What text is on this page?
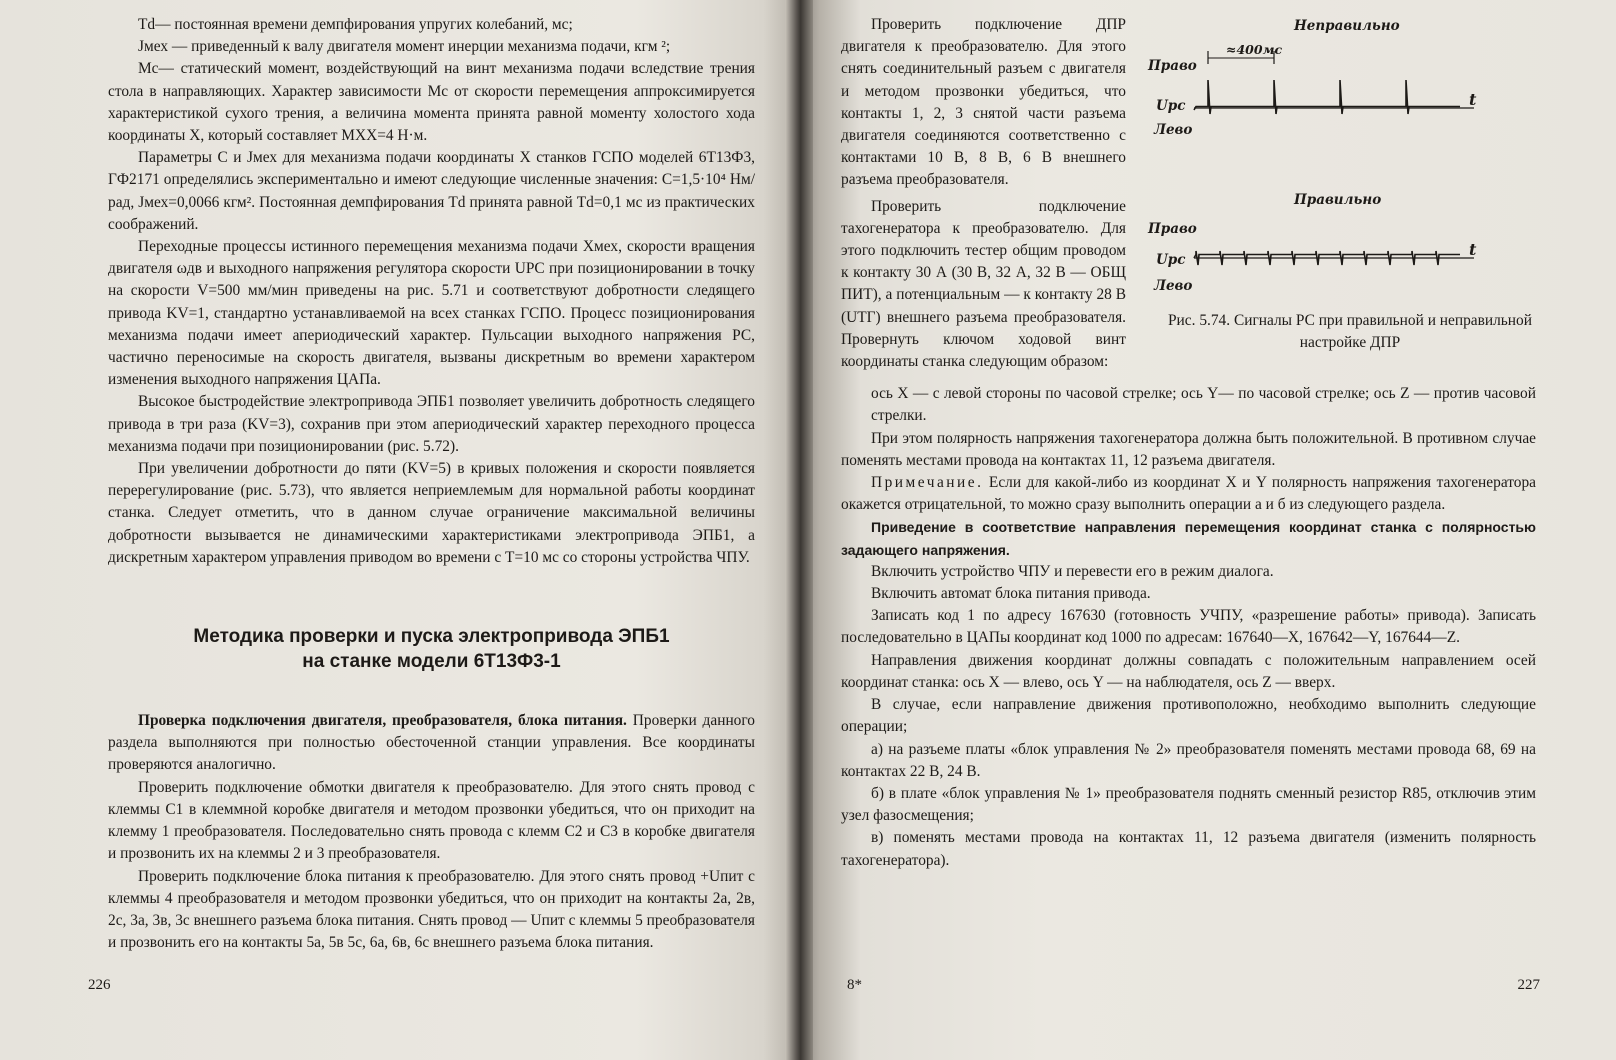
Td— постоянная времени демпфирования упругих колебаний, мс;

Jмех — приведенный к валу двигателя момент инерции механизма подачи, кгм ²;

Mc— статический момент, воздействующий на винт механизма подачи вследствие трения стола в направляющих. Характер зависимости Mc от скорости перемещения аппроксимируется характеристикой сухого трения, а величина момента принята равной моменту холостого хода координаты X, который составляет MXX=4 Н·м.

Параметры C и Jмех для механизма подачи координаты X станков ГСПО моделей 6Т13Ф3, ГФ2171 определялись экспериментально и имеют следующие численные значения: C=1,5·10⁴ Нм/рад, Jмех=0,0066 кгм². Постоянная демпфирования Td принята равной Td=0,1 мс из практических соображений.

Переходные процессы истинного перемещения механизма подачи Xмех, скорости вращения двигателя ωдв и выходного напряжения регулятора скорости UPC при позиционировании в точку на скорости V=500 мм/мин приведены на рис. 5.71 и соответствуют добротности следящего привода KV=1, стандартно устанавливаемой на всех станках ГСПО. Процесс позиционирования механизма подачи имеет апериодический характер. Пульсации выходного напряжения РС, частично переносимые на скорость двигателя, вызваны дискретным во времени характером изменения выходного напряжения ЦАПа.

Высокое быстродействие электропривода ЭПБ1 позволяет увеличить добротность следящего привода в три раза (KV=3), сохранив при этом апериодический характер переходного процесса механизма подачи при позиционировании (рис. 5.72).

При увеличении добротности до пяти (KV=5) в кривых положения и скорости появляется перерегулирование (рис. 5.73), что является неприемлемым для нормальной работы координат станка. Следует отметить, что в данном случае ограничение максимальной величины добротности вызывается не динамическими характеристиками электропривода ЭПБ1, а дискретным характером управления приводом во времени с T=10 мс со стороны устройства ЧПУ.

Методика проверки и пуска электропривода ЭПБ1
на станке модели 6Т13Ф3-1

Проверка подключения двигателя, преобразователя, блока питания. Проверки данного раздела выполняются при полностью обесточенной станции управления. Все координаты проверяются аналогично.

Проверить подключение обмотки двигателя к преобразователю. Для этого снять провод с клеммы С1 в клеммной коробке двигателя и методом прозвонки убедиться, что он приходит на клемму 1 преобразователя. Последовательно снять провода с клемм С2 и С3 в коробке двигателя и прозвонить их на клеммы 2 и 3 преобразователя.

Проверить подключение блока питания к преобразователю. Для этого снять провод +Uпит с клеммы 4 преобразователя и методом прозвонки убедиться, что он приходит на контакты 2а, 2в, 2с, 3а, 3в, 3с внешнего разъема блока питания. Снять провод — Uпит с клеммы 5 преобразователя и прозвонить его на контакты 5а, 5в 5с, 6а, 6в, 6с внешнего разъема блока питания.

226

Проверить подключение ДПР двигателя к преобразователю. Для этого снять соединительный разъем с двигателя и методом прозвонки убедиться, что контакты 1, 2, 3 снятой части разъема двигателя соединяются соответственно с контактами 10 В, 8 В, 6 В внешнего разъема преобразователя.

Проверить подключение тахогенератора к преобразователю. Для этого подключить тестер общим проводом к контакту 30 А (30 В, 32 А, 32 В — ОБЩ ПИТ), а потенциальным — к контакту 28 В (UТГ) внешнего разъема преобразователя. Провернуть ключом ходовой винт координаты станка следующим образом:

Неправильно
≈400мс
Право
Uрс
Лево
t
Правильно
Право
Uрс
Лево
t
Рис. 5.74. Сигналы РС при правильной и неправильной настройке ДПР

ось X — с левой стороны по часовой стрелке; ось Y— по часовой стрелке; ось Z — против часовой стрелки.

При этом полярность напряжения тахогенератора должна быть положительной. В противном случае поменять местами провода на контактах 11, 12 разъема двигателя.

Примечание. Если для какой-либо из координат X и Y полярность напряжения тахогенератора окажется отрицательной, то можно сразу выполнить операции а и б из следующего раздела.

Приведение в соответствие направления перемещения координат станка с полярностью задающего напряжения.

Включить устройство ЧПУ и перевести его в режим диалога.

Включить автомат блока питания привода.

Записать код 1 по адресу 167630 (готовность УЧПУ, «разрешение работы» привода). Записать последовательно в ЦАПы координат код 1000 по адресам: 167640—X, 167642—Y, 167644—Z.

Направления движения координат должны совпадать с положительным направлением осей координат станка: ось X — влево, ось Y — на наблюдателя, ось Z — вверх.

В случае, если направление движения противоположно, необходимо выполнить следующие операции;

а) на разъеме платы «блок управления № 2» преобразователя поменять местами провода 68, 69 на контактах 22 В, 24 В.

б) в плате «блок управления № 1» преобразователя поднять сменный резистор R85, отключив этим узел фазосмещения;

в) поменять местами провода на контактах 11, 12 разъема двигателя (изменить полярность тахогенератора).

8*	227
